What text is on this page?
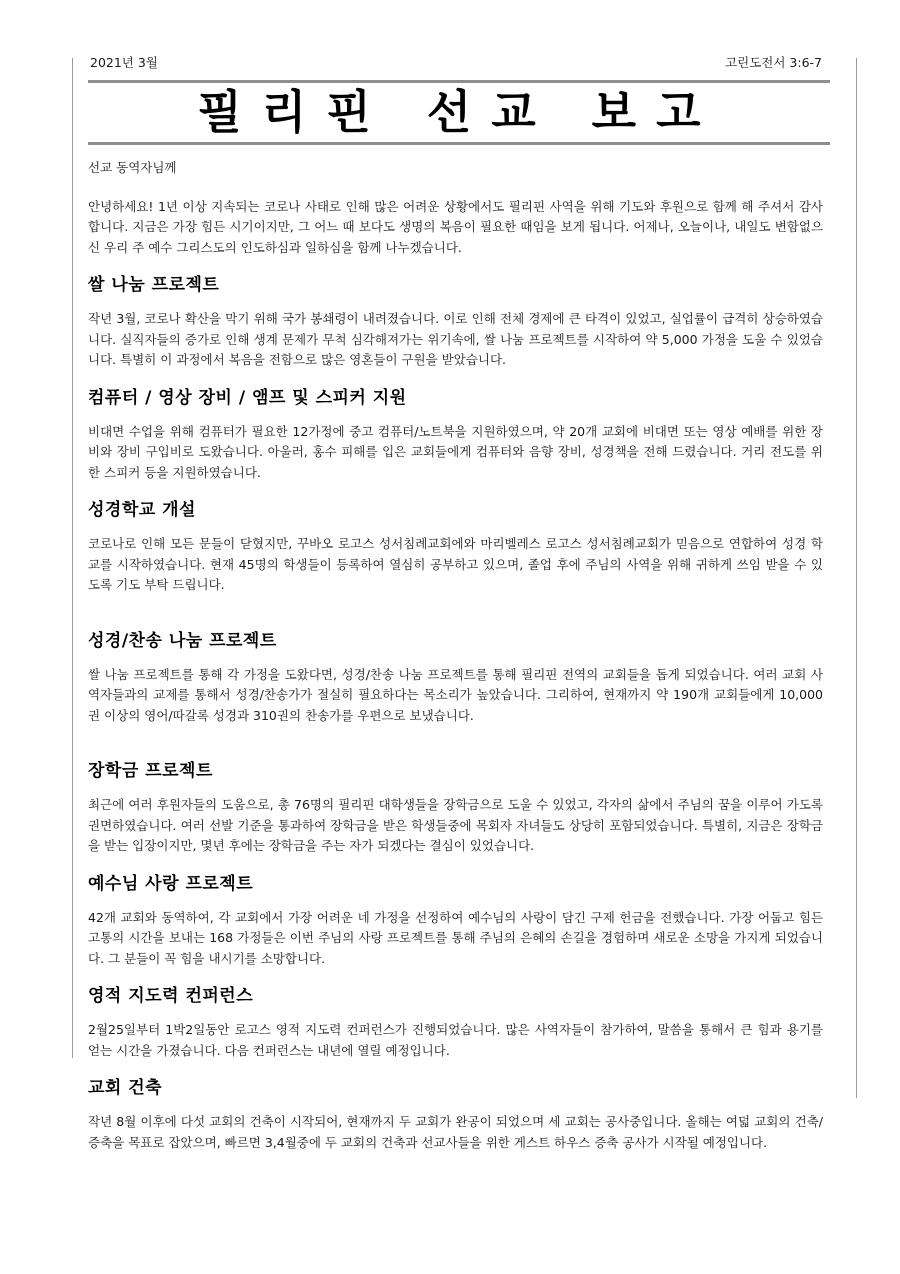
2021년 3월	고린도전서 3:6-7
필리핀 선교 보고

선교 동역자님께

안녕하세요! 1년 이상 지속되는 코로나 사태로 인해 많은 어려운 상황에서도 필리핀 사역을 위해 기도와 후원으로 함께 해 주셔서 감사합니다. 지금은 가장 힘든 시기이지만, 그 어느 때 보다도 생명의 복음이 필요한 때임을 보게 됩니다. 어제나, 오늘이나, 내일도 변함없으신 우리 주 예수 그리스도의 인도하심과 일하심을 함께 나누겠습니다.

쌀 나눔 프로젝트

작년 3월, 코로나 확산을 막기 위해 국가 봉쇄령이 내려졌습니다. 이로 인해 전체 경제에 큰 타격이 있었고, 실업률이 급격히 상승하였습니다. 실직자들의 증가로 인해 생계 문제가 무척 심각해져가는 위기속에, 쌀 나눔 프로젝트를 시작하여 약 5,000 가정을 도울 수 있었습니다. 특별히 이 과정에서 복음을 전함으로 많은 영혼들이 구원을 받았습니다.

컴퓨터 / 영상 장비 / 앰프 및 스피커 지원

비대면 수업을 위해 컴퓨터가 필요한 12가정에 중고 컴퓨터/노트북을 지원하였으며, 약 20개 교회에 비대면 또는 영상 예배를 위한 장비와 장비 구입비로 도왔습니다. 아울러, 홍수 피해를 입은 교회들에게 컴퓨터와 음향 장비, 성경책을 전해 드렸습니다. 거리 전도를 위한 스피커 등을 지원하였습니다.

성경학교 개설

코로나로 인해 모든 문들이 닫혔지만, 꾸바오 로고스 성서침례교회에와 마리벨레스 로고스 성서침례교회가 믿음으로 연합하여 성경 학교를 시작하였습니다. 현재 45명의 학생들이 등록하여 열심히 공부하고 있으며, 졸업 후에 주님의 사역을 위해 귀하게 쓰임 받을 수 있도록 기도 부탁 드립니다.

성경/찬송 나눔 프로젝트

쌀 나눔 프로젝트를 통해 각 가정을 도왔다면, 성경/찬송 나눔 프로젝트를 통해 필리핀 전역의 교회들을 돕게 되었습니다. 여러 교회 사역자들과의 교제를 통해서 성경/찬송가가 절실히 필요하다는 목소리가 높았습니다. 그리하여, 현재까지 약 190개 교회들에게 10,000권 이상의 영어/따갈록 성경과 310권의 찬송가를 우편으로 보냈습니다.

장학금 프로젝트

최근에 여러 후원자들의 도움으로, 총 76명의 필리핀 대학생들을 장학금으로 도울 수 있었고, 각자의 삶에서 주님의 꿈을 이루어 가도록 권면하였습니다. 여러 선발 기준을 통과하여 장학금을 받은 학생들중에 목회자 자녀들도 상당히 포함되었습니다. 특별히, 지금은 장학금을 받는 입장이지만, 몇년 후에는 장학금을 주는 자가 되겠다는 결심이 있었습니다.

예수님 사랑 프로젝트

42개 교회와 동역하여, 각 교회에서 가장 어려운 네 가정을 선정하여 예수님의 사랑이 담긴 구제 헌금을 전했습니다. 가장 어둡고 힘든 고통의 시간을 보내는 168 가정들은 이번 주님의 사랑 프로젝트를 통해 주님의 은혜의 손길을 경험하며 새로운 소망을 가지게 되었습니다. 그 분들이 꼭 힘을 내시기를 소망합니다.

영적 지도력 컨퍼런스

2월25일부터 1박2일동안 로고스 영적 지도력 컨퍼런스가 진행되었습니다. 많은 사역자들이 참가하여, 말씀을 통해서 큰 힘과 용기를 얻는 시간을 가졌습니다. 다음 컨퍼런스는 내년에 열릴 예정입니다.

교회 건축

작년 8월 이후에 다섯 교회의 건축이 시작되어, 현재까지 두 교회가 완공이 되었으며 세 교회는 공사중입니다. 올해는 여덟 교회의 건축/증축을 목표로 잡았으며, 빠르면 3,4월중에 두 교회의 건축과 선교사들을 위한 게스트 하우스 증축 공사가 시작될 예정입니다.
